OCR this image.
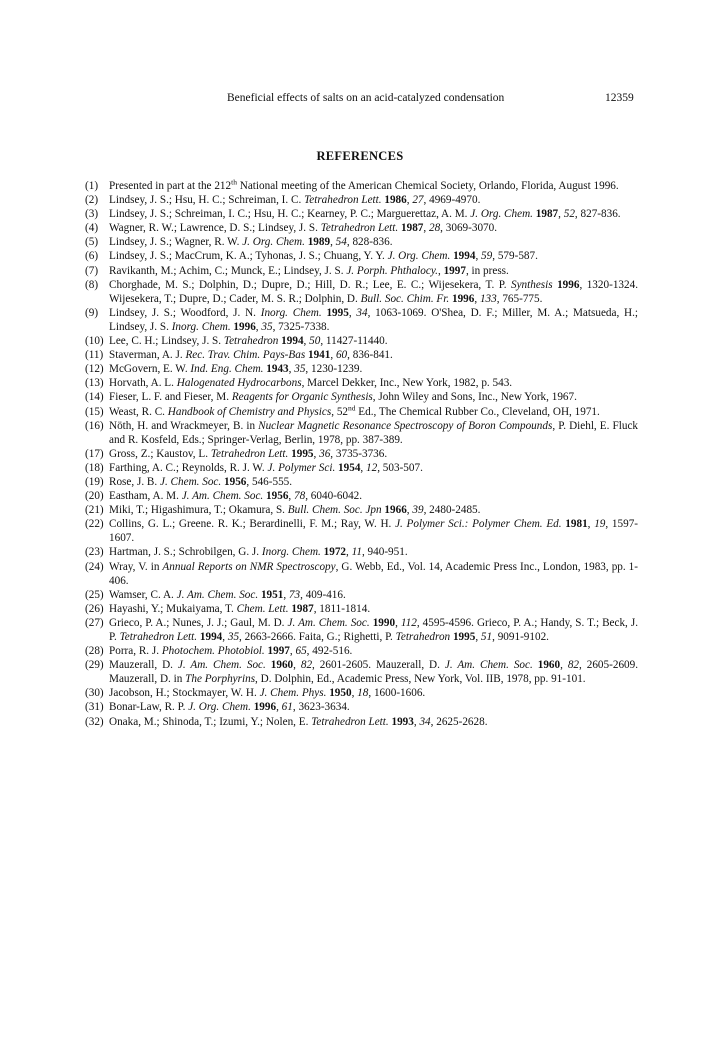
Beneficial effects of salts on an acid-catalyzed condensation	12359
REFERENCES
(1) Presented in part at the 212th National meeting of the American Chemical Society, Orlando, Florida, August 1996.
(2) Lindsey, J. S.; Hsu, H. C.; Schreiman, I. C. Tetrahedron Lett. 1986, 27, 4969-4970.
(3) Lindsey, J. S.; Schreiman, I. C.; Hsu, H. C.; Kearney, P. C.; Marguerettaz, A. M. J. Org. Chem. 1987, 52, 827-836.
(4) Wagner, R. W.; Lawrence, D. S.; Lindsey, J. S. Tetrahedron Lett. 1987, 28, 3069-3070.
(5) Lindsey, J. S.; Wagner, R. W. J. Org. Chem. 1989, 54, 828-836.
(6) Lindsey, J. S.; MacCrum, K. A.; Tyhonas, J. S.; Chuang, Y. Y. J. Org. Chem. 1994, 59, 579-587.
(7) Ravikanth, M.; Achim, C.; Munck, E.; Lindsey, J. S. J. Porph. Phthalocy., 1997, in press.
(8) Chorghade, M. S.; Dolphin, D.; Dupre, D.; Hill, D. R.; Lee, E. C.; Wijesekera, T. P. Synthesis 1996, 1320-1324. Wijesekera, T.; Dupre, D.; Cader, M. S. R.; Dolphin, D. Bull. Soc. Chim. Fr. 1996, 133, 765-775.
(9) Lindsey, J. S.; Woodford, J. N. Inorg. Chem. 1995, 34, 1063-1069. O'Shea, D. F.; Miller, M. A.; Matsueda, H.; Lindsey, J. S. Inorg. Chem. 1996, 35, 7325-7338.
(10) Lee, C. H.; Lindsey, J. S. Tetrahedron 1994, 50, 11427-11440.
(11) Staverman, A. J. Rec. Trav. Chim. Pays-Bas 1941, 60, 836-841.
(12) McGovern, E. W. Ind. Eng. Chem. 1943, 35, 1230-1239.
(13) Horvath, A. L. Halogenated Hydrocarbons, Marcel Dekker, Inc., New York, 1982, p. 543.
(14) Fieser, L. F. and Fieser, M. Reagents for Organic Synthesis, John Wiley and Sons, Inc., New York, 1967.
(15) Weast, R. C. Handbook of Chemistry and Physics, 52nd Ed., The Chemical Rubber Co., Cleveland, OH, 1971.
(16) Nöth, H. and Wrackmeyer, B. in Nuclear Magnetic Resonance Spectroscopy of Boron Compounds, P. Diehl, E. Fluck and R. Kosfeld, Eds.; Springer-Verlag, Berlin, 1978, pp. 387-389.
(17) Gross, Z.; Kaustov, L. Tetrahedron Lett. 1995, 36, 3735-3736.
(18) Farthing, A. C.; Reynolds, R. J. W. J. Polymer Sci. 1954, 12, 503-507.
(19) Rose, J. B. J. Chem. Soc. 1956, 546-555.
(20) Eastham, A. M. J. Am. Chem. Soc. 1956, 78, 6040-6042.
(21) Miki, T.; Higashimura, T.; Okamura, S. Bull. Chem. Soc. Jpn 1966, 39, 2480-2485.
(22) Collins, G. L.; Greene. R. K.; Berardinelli, F. M.; Ray, W. H. J. Polymer Sci.: Polymer Chem. Ed. 1981, 19, 1597-1607.
(23) Hartman, J. S.; Schrobilgen, G. J. Inorg. Chem. 1972, 11, 940-951.
(24) Wray, V. in Annual Reports on NMR Spectroscopy, G. Webb, Ed., Vol. 14, Academic Press Inc., London, 1983, pp. 1-406.
(25) Wamser, C. A. J. Am. Chem. Soc. 1951, 73, 409-416.
(26) Hayashi, Y.; Mukaiyama, T. Chem. Lett. 1987, 1811-1814.
(27) Grieco, P. A.; Nunes, J. J.; Gaul, M. D. J. Am. Chem. Soc. 1990, 112, 4595-4596. Grieco, P. A.; Handy, S. T.; Beck, J. P. Tetrahedron Lett. 1994, 35, 2663-2666. Faita, G.; Righetti, P. Tetrahedron 1995, 51, 9091-9102.
(28) Porra, R. J. Photochem. Photobiol. 1997, 65, 492-516.
(29) Mauzerall, D. J. Am. Chem. Soc. 1960, 82, 2601-2605. Mauzerall, D. J. Am. Chem. Soc. 1960, 82, 2605-2609. Mauzerall, D. in The Porphyrins, D. Dolphin, Ed., Academic Press, New York, Vol. IIB, 1978, pp. 91-101.
(30) Jacobson, H.; Stockmayer, W. H. J. Chem. Phys. 1950, 18, 1600-1606.
(31) Bonar-Law, R. P. J. Org. Chem. 1996, 61, 3623-3634.
(32) Onaka, M.; Shinoda, T.; Izumi, Y.; Nolen, E. Tetrahedron Lett. 1993, 34, 2625-2628.
